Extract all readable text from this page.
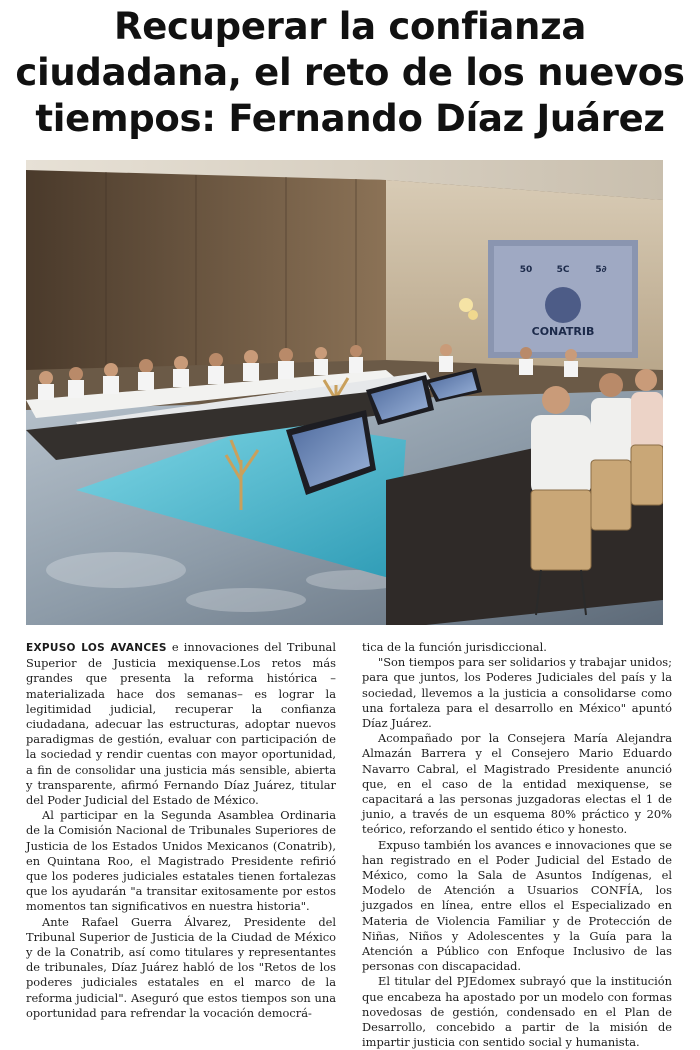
Recuperar la confianza
ciudadana, el reto de los nuevos
tiempos: Fernando Díaz Juárez
CONATRIB
50	5C	5∂

EXPUSO LOS AVANCES e innovaciones del Tribunal Superior de Justicia mexiquense.Los retos más grandes que presenta la reforma histórica –materializada hace dos semanas– es lograr la legitimidad judicial, recuperar la confianza ciudadana, adecuar las estructuras, adoptar nuevos paradigmas de gestión, evaluar con participación de la sociedad y rendir cuentas con mayor oportunidad, a fin de consolidar una justicia más sensible, abierta y transparente, afirmó Fernando Díaz Juárez, titular del Poder Judicial del Estado de México.

Al participar en la Segunda Asamblea Ordinaria de la Comisión Nacional de Tribunales Superiores de Justicia de los Estados Unidos Mexicanos (Conatrib), en Quintana Roo, el Magistrado Presidente refirió que los poderes judiciales estatales tienen fortalezas que los ayudarán "a transitar exitosamente por estos momentos tan significativos en nuestra historia".

Ante Rafael Guerra Álvarez, Presidente del Tribunal Superior de Justicia de la Ciudad de México y de la Conatrib, así como titulares y representantes de tribunales, Díaz Juárez habló de los "Retos de los poderes judiciales estatales en el marco de la reforma judicial". Aseguró que estos tiempos son una oportunidad para refrendar la vocación democrá-

tica de la función jurisdiccional.

"Son tiempos para ser solidarios y trabajar unidos; para que juntos, los Poderes Judiciales del país y la sociedad, llevemos a la justicia a consolidarse como una fortaleza para el desarrollo en México" apuntó Díaz Juárez.

Acompañado por la Consejera María Alejandra Almazán Barrera y el Consejero Mario Eduardo Navarro Cabral, el Magistrado Presidente anunció que, en el caso de la entidad mexiquense, se capacitará a las personas juzgadoras electas el 1 de junio, a través de un esquema 80% práctico y 20% teórico, reforzando el sentido ético y honesto.

Expuso también los avances e innovaciones que se han registrado en el Poder Judicial del Estado de México, como la Sala de Asuntos Indígenas, el Modelo de Atención a Usuarios CONFÍA, los juzgados en línea, entre ellos el Especializado en Materia de Violencia Familiar y de Protección de Niñas, Niños y Adolescentes y la Guía para la Atención a Público con Enfoque Inclusivo de las personas con discapacidad.

El titular del PJEdomex subrayó que la institución que encabeza ha apostado por un modelo con formas novedosas de gestión, condensado en el Plan de Desarrollo, concebido a partir de la misión de impartir justicia con sentido social y humanista.
